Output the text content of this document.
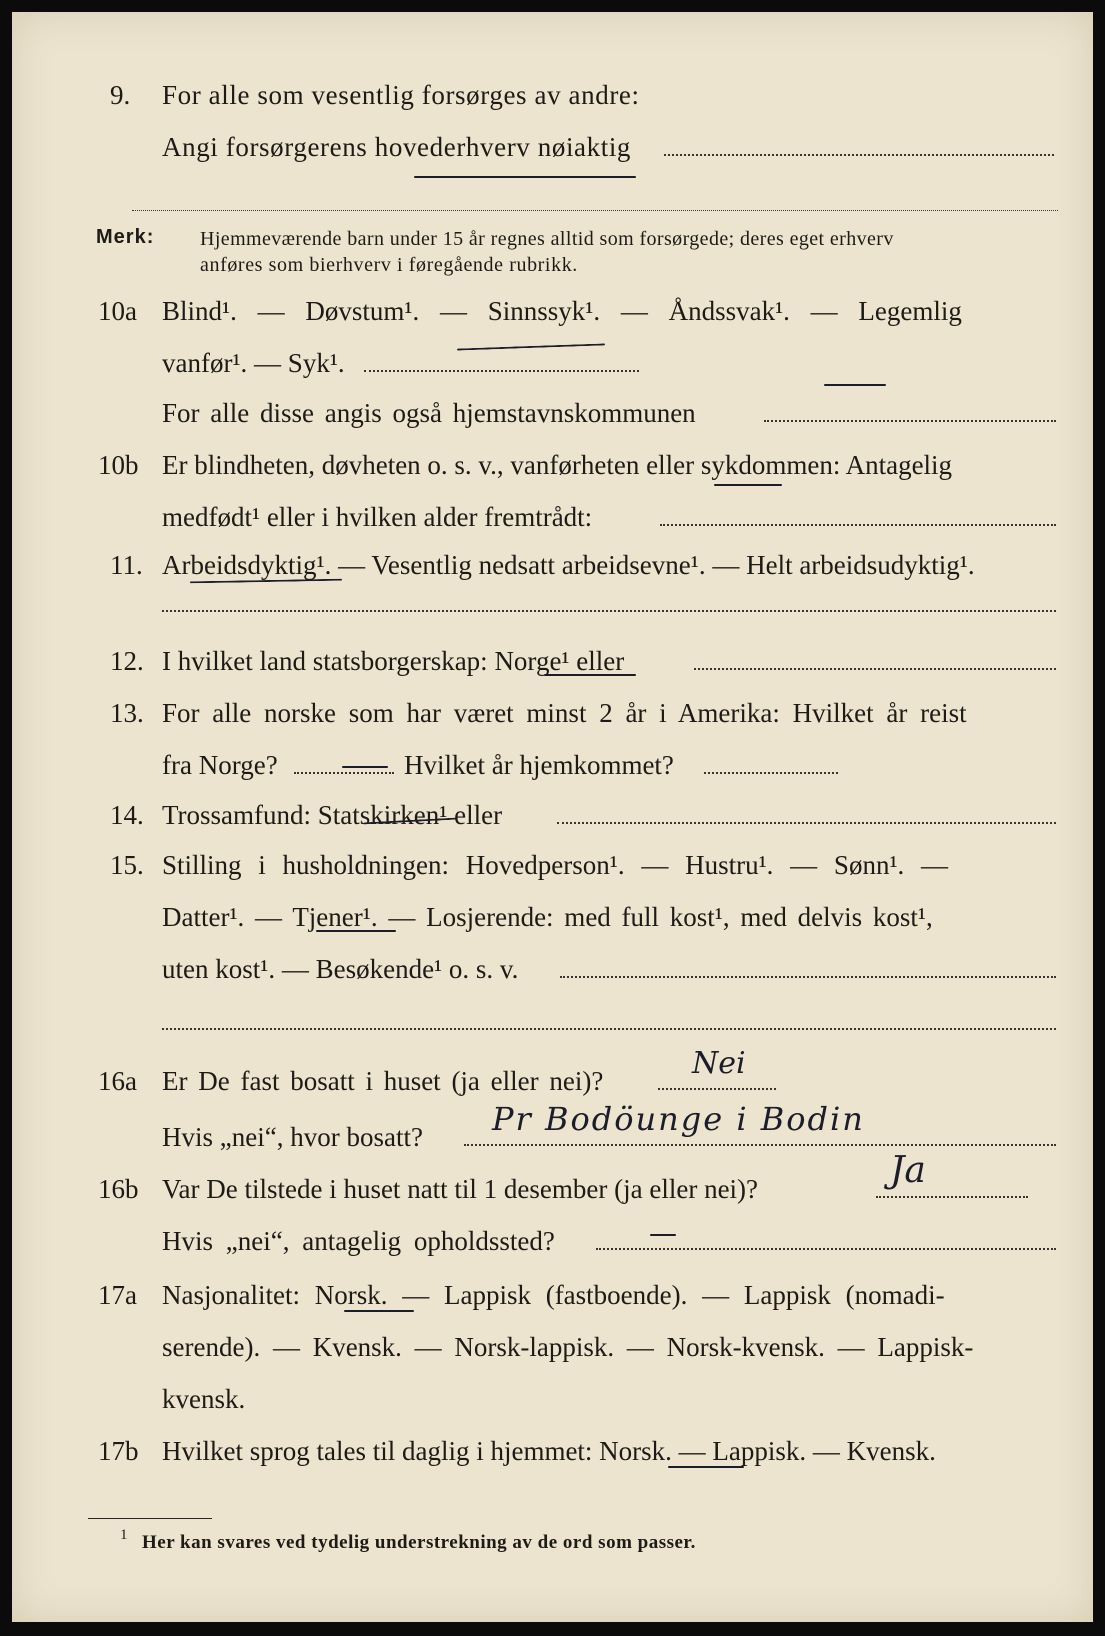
9. For alle som vesentlig forsørges av andre:
Angi forsørgerens hovederhverv nøiaktig
Merk: Hjemmeværende barn under 15 år regnes alltid som forsørgede; deres eget erhverv
anføres som bierhverv i føregående rubrikk.
10a Blind¹. — Døvstum¹. — Sinnssyk¹. — Åndssvak¹. — Legemlig
vanfør¹. — Syk¹.
For alle disse angis også hjemstavnskommunen
10b Er blindheten, døvheten o. s. v., vanførheten eller sykdommen: Antagelig
medfødt¹ eller i hvilken alder fremtrådt:
11. Arbeidsdyktig¹. — Vesentlig nedsatt arbeidsevne¹. — Helt arbeidsudyktig¹.
12. I hvilket land statsborgerskap: Norge¹ eller
13. For alle norske som har været minst 2 år i Amerika: Hvilket år reist
fra Norge?	Hvilket år hjemkommet?
14. Trossamfund: Statskirken¹ eller
15. Stilling i husholdningen: Hovedperson¹. — Hustru¹. — Sønn¹. —
Datter¹. — Tjener¹. — Losjerende: med full kost¹, med delvis kost¹,
uten kost¹. — Besøkende¹ o. s. v.
16a Er De fast bosatt i huset (ja eller nei)?	Nei
Hvis „nei“, hvor bosatt? Pr Bodöunge i Bodin
16b Var De tilstede i huset natt til 1 desember (ja eller nei)?	Ja
Hvis „nei“, antagelig opholdssted?
17a Nasjonalitet: Norsk. — Lappisk (fastboende). — Lappisk (nomadi-
serende). — Kvensk. — Norsk-lappisk. — Norsk-kvensk. — Lappisk-
kvensk.
17b Hvilket sprog tales til daglig i hjemmet: Norsk. — Lappisk. — Kvensk.
1 Her kan svares ved tydelig understrekning av de ord som passer.
